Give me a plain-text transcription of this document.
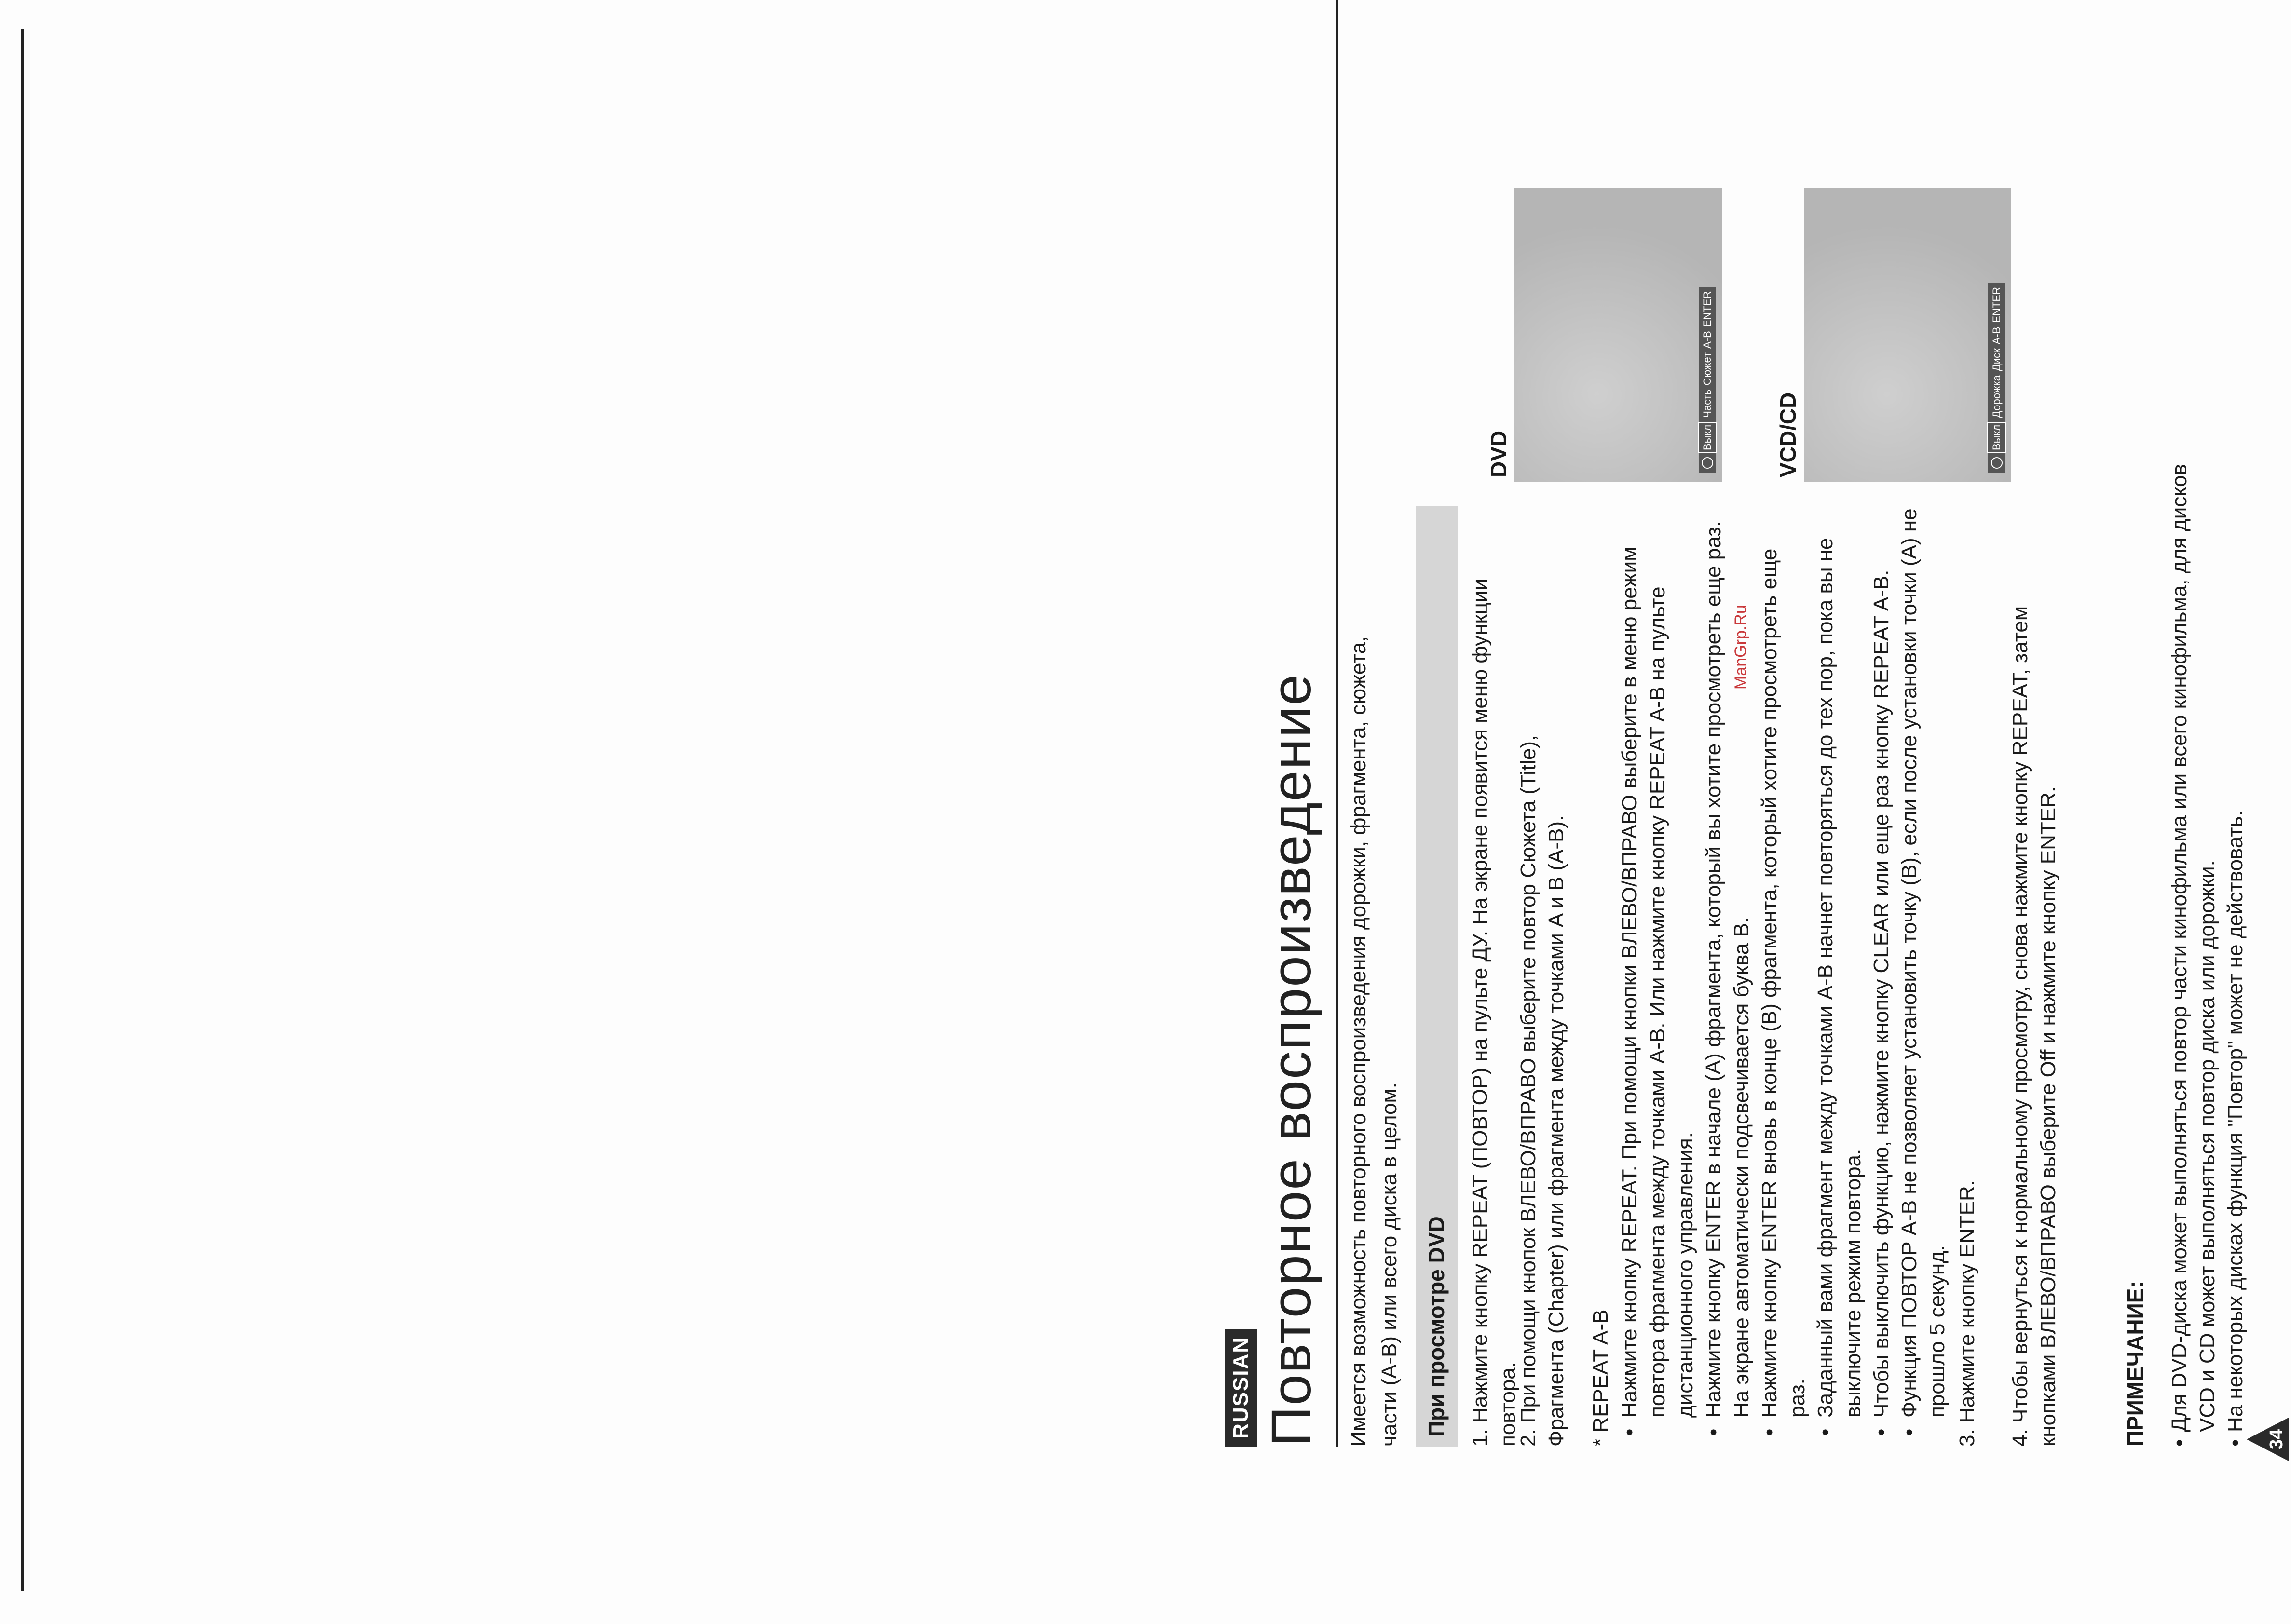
RUSSIAN Повторное воспроизведение Имеется возможность повторного воспроизведения дорожки, фрагмента, сюжета, части (A-B) или всего диска в целом. При просмотре DVD 1. Нажмите кнопку REPEAT (ПОВТОР) на пульте ДУ. На экране появится меню функции повтора.
2. При помощи кнопок ВЛЕВО/ВПРАВО выберите повтор Сюжета (Title), Фрагмента (Chapter) или фрагмента между точками A и B (A-B). * REPEAT A-B • Нажмите кнопку REPEAT. При помощи кнопки ВЛЕВО/ВПРАВО выберите в меню режим повтора фрагмента между точками A-B. Или нажмите кнопку REPEAT A-B на пульте дистанционного управления. • Нажмите кнопку ENTER в начале (A) фрагмента, который вы хотите просмотреть еще раз. На экране автоматически подсвечивается буква B. • Нажмите кнопку ENTER вновь в конце (B) фрагмента, который хотите просмотреть еще раз. • Заданный вами фрагмент между точками A-B начнет повторяться до тех пор, пока вы не выключите режим повтора. • Чтобы выключить функцию, нажмите кнопку CLEAR или еще раз кнопку REPEAT A-B. • Функция ПОВТОР A-B не позволяет установить точку (B), если после установки точки (A) не прошло 5 секунд. 3. Нажмите кнопку ENTER. 4. Чтобы вернуться к нормальному просмотру, снова нажмите кнопку REPEAT, затем кнопками ВЛЕВО/ВПРАВО выберите Off и нажмите кнопку ENTER.	ПРИМЕЧАНИЕ: • Для DVD-диска может выполняться повтор части кинофильма или всего кинофильма, для дисков VCD и CD может выполняться повтор диска или дорожки. • На некоторых дисках функция "Повтор" может не действовать.
34
ManGrp.Ru
DVD	Выкл
Часть
Сюжет
A-B
ENTER
VCD/CD	Выкл
Дорожка
Диск
A-B
ENTER
